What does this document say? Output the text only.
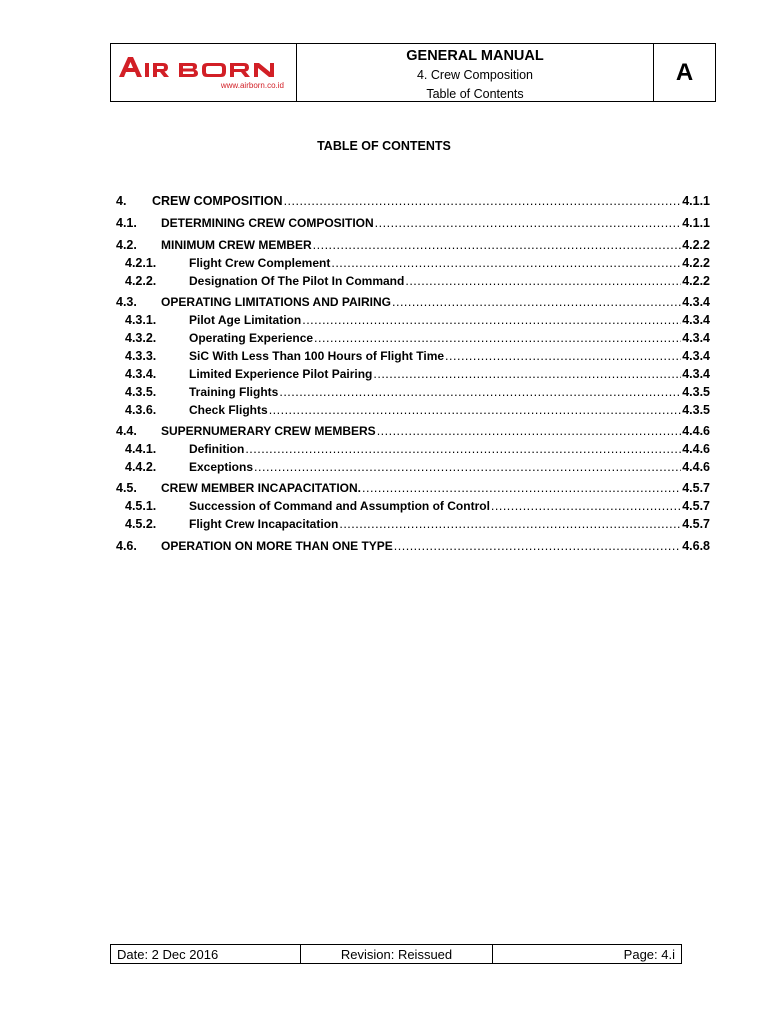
www.airborn.co.id
GENERAL MANUAL
4. Crew Composition
Table of Contents
A
TABLE OF CONTENTS
4.	CREW COMPOSITION .....	4.1.1
4.1.	DETERMINING CREW COMPOSITION .....	4.1.1
4.2.	MINIMUM CREW MEMBER .....	4.2.2
4.2.1.	Flight Crew Complement .....	4.2.2
4.2.2.	Designation Of The Pilot In Command .....	4.2.2
4.3.	OPERATING LIMITATIONS AND PAIRING .....	4.3.4
4.3.1.	Pilot Age Limitation .....	4.3.4
4.3.2.	Operating Experience .....	4.3.4
4.3.3.	SiC With Less Than 100 Hours of Flight Time .....	4.3.4
4.3.4.	Limited Experience Pilot Pairing .....	4.3.4
4.3.5.	Training Flights .....	4.3.5
4.3.6.	Check Flights .....	4.3.5
4.4.	SUPERNUMERARY CREW MEMBERS .....	4.4.6
4.4.1.	Definition .....	4.4.6
4.4.2.	Exceptions .....	4.4.6
4.5.	CREW MEMBER INCAPACITATION. .....	4.5.7
4.5.1.	Succession of Command and Assumption of Control .....	4.5.7
4.5.2.	Flight Crew Incapacitation .....	4.5.7
4.6.	OPERATION ON MORE THAN ONE TYPE .....	4.6.8
Date: 2 Dec 2016	Revision: Reissued	Page: 4.i
